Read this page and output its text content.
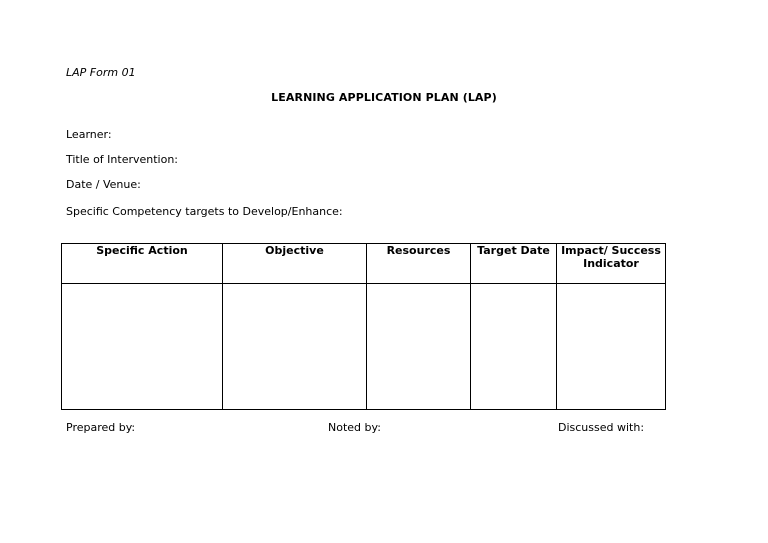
LAP Form 01
LEARNING APPLICATION PLAN (LAP)
Learner:
Title of Intervention:
Date / Venue:
Specific Competency targets to Develop/Enhance:
Specific Action	Objective	Resources	Target Date	Impact/ Success Indicator

Prepared by:	Noted by:	Discussed with:
